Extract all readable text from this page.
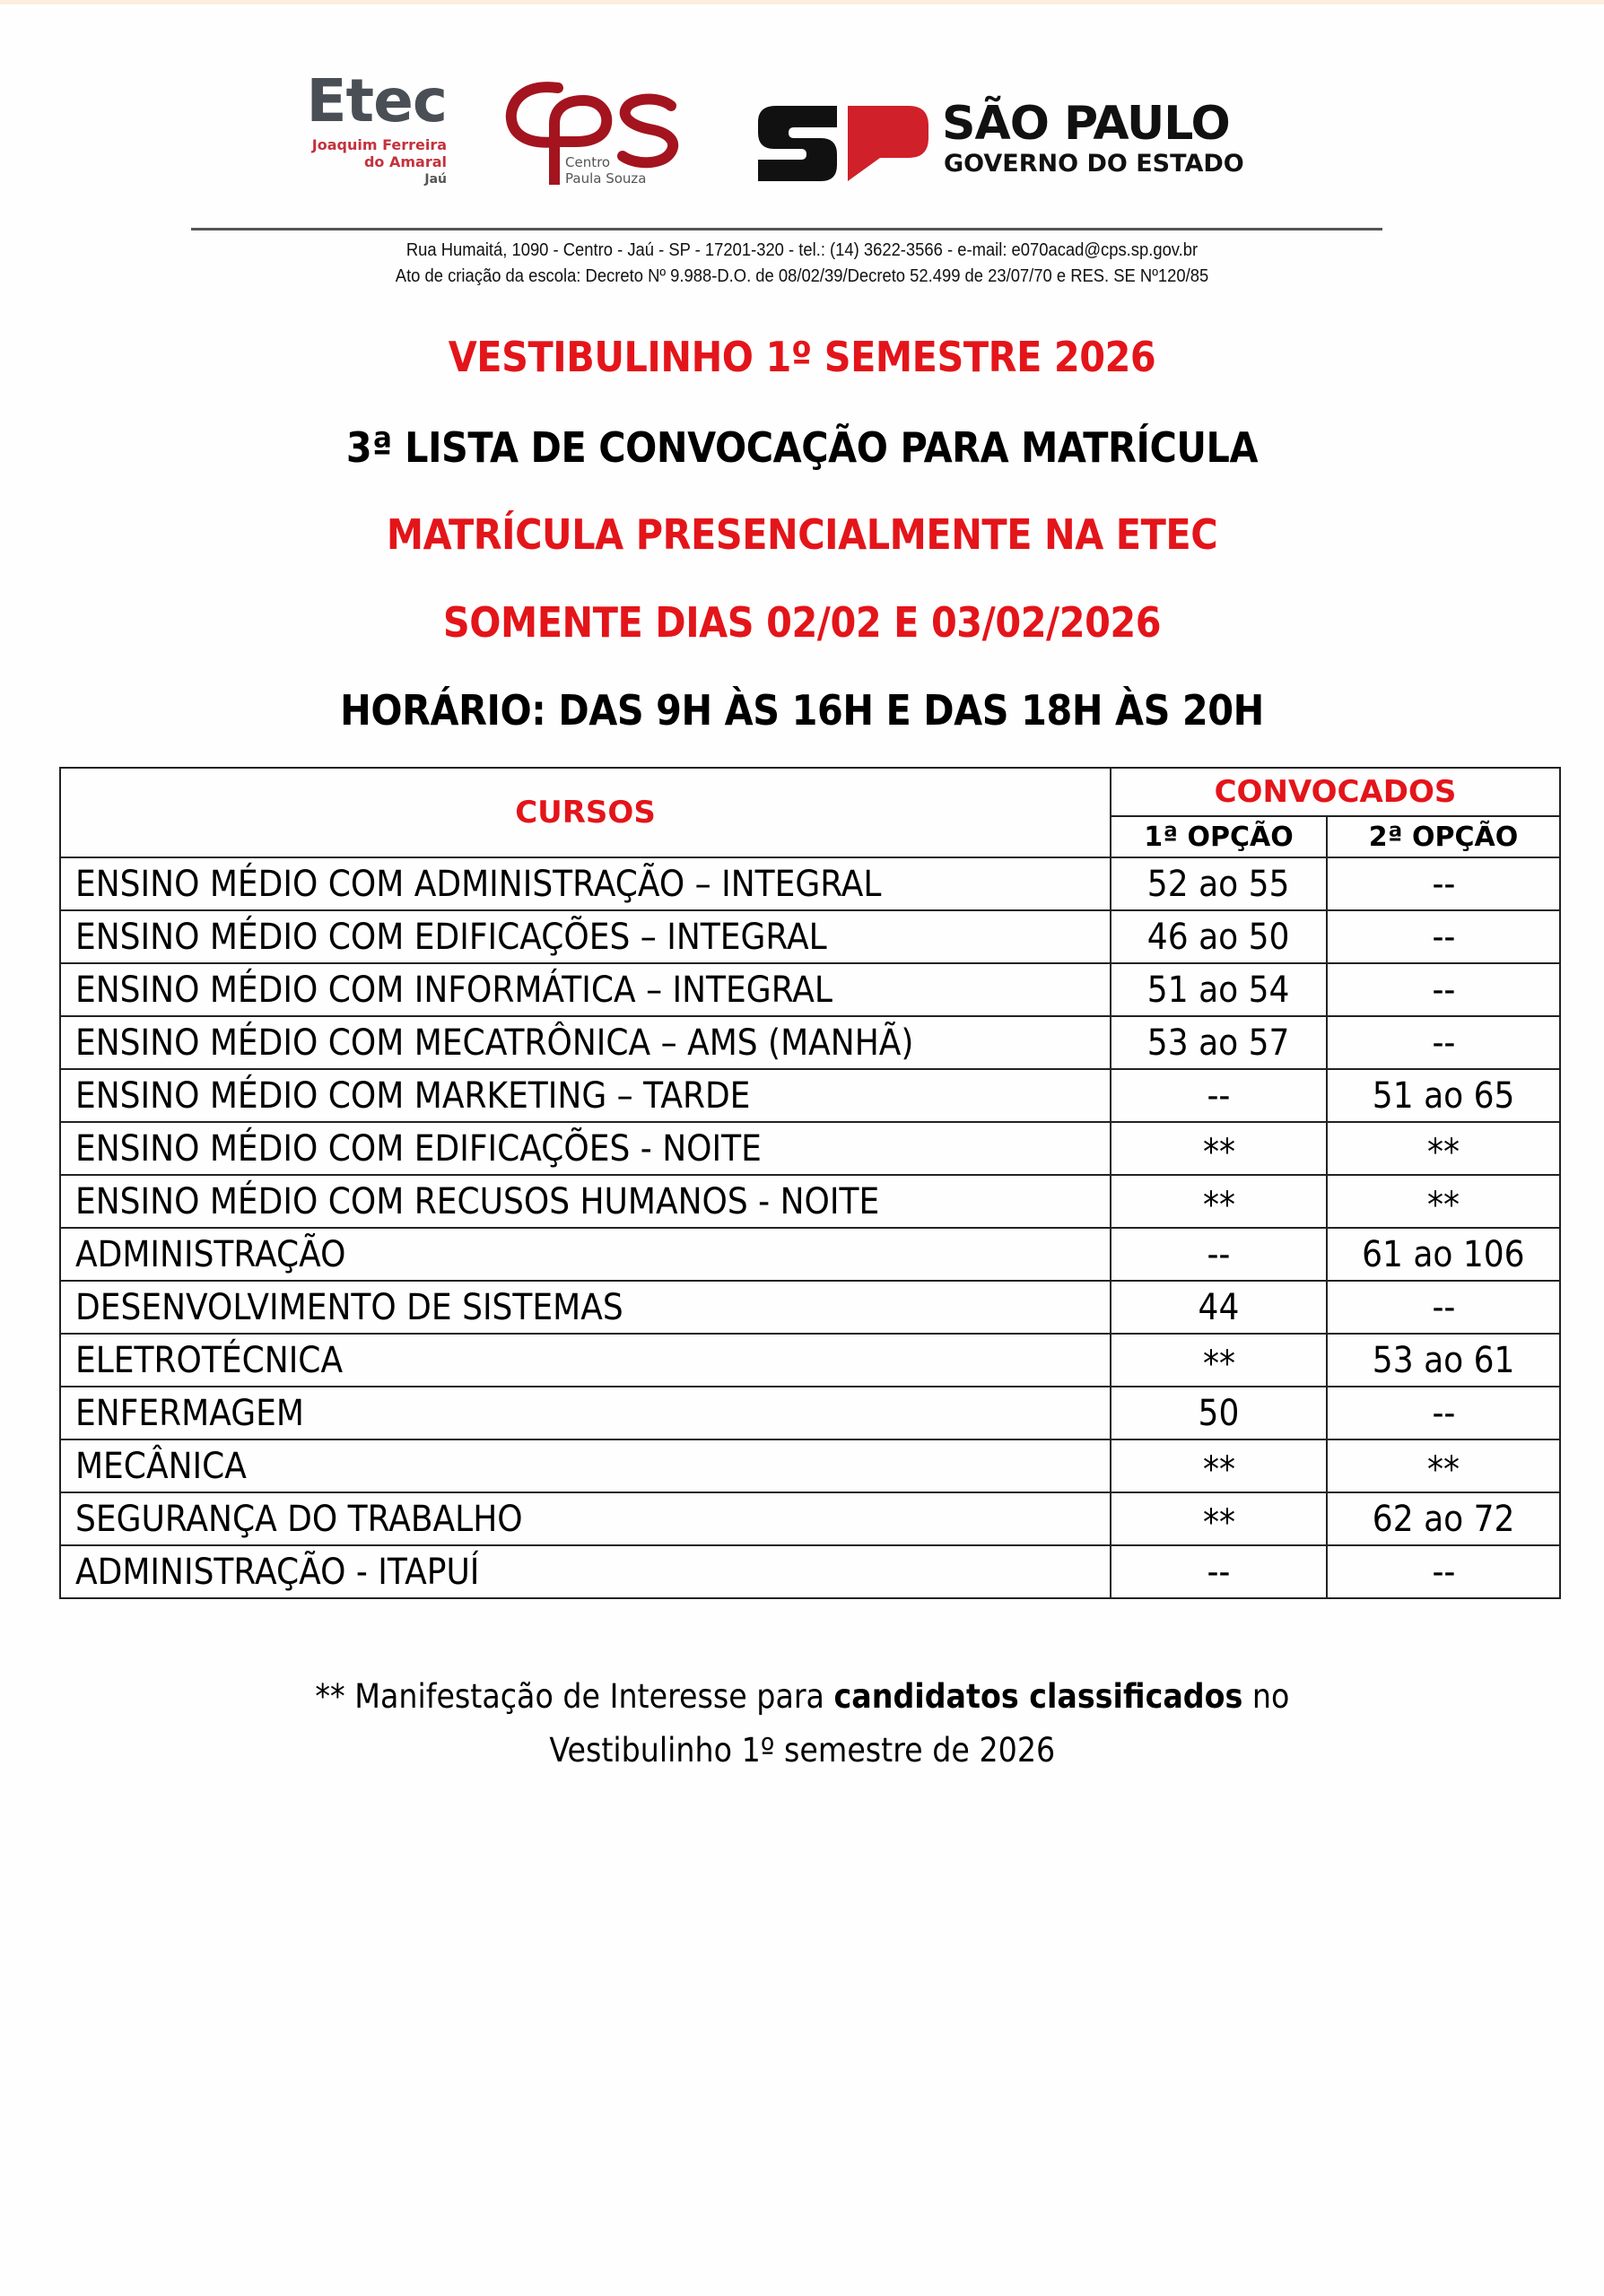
Etec
Joaquim Ferreira
do Amaral
Jaú
Centro
Paula Souza
SÃO PAULO
GOVERNO DO ESTADO
Rua Humaitá, 1090 - Centro - Jaú - SP - 17201-320 - tel.: (14) 3622-3566 - e-mail: e070acad@cps.sp.gov.br
Ato de criação da escola: Decreto Nº 9.988-D.O. de 08/02/39/Decreto 52.499 de 23/07/70 e RES. SE Nº120/85
VESTIBULINHO 1º SEMESTRE 2026
3ª LISTA DE CONVOCAÇÃO PARA MATRÍCULA
MATRÍCULA PRESENCIALMENTE NA ETEC
SOMENTE DIAS 02/02 E 03/02/2026
HORÁRIO: DAS 9H ÀS 16H E DAS 18H ÀS 20H
CURSOS	CONVOCADOS	
	1ª OPÇÃO	2ª OPÇÃO
ENSINO MÉDIO COM ADMINISTRAÇÃO – INTEGRAL	52 ao 55	--
ENSINO MÉDIO COM EDIFICAÇÕES – INTEGRAL	46 ao 50	--
ENSINO MÉDIO COM INFORMÁTICA – INTEGRAL	51 ao 54	--
ENSINO MÉDIO COM MECATRÔNICA – AMS (MANHÃ)	53 ao 57	--
ENSINO MÉDIO COM MARKETING – TARDE	--	51 ao 65
ENSINO MÉDIO COM EDIFICAÇÕES - NOITE	**	**
ENSINO MÉDIO COM RECUSOS HUMANOS - NOITE	**	**
ADMINISTRAÇÃO	--	61 ao 106
DESENVOLVIMENTO DE SISTEMAS	44	--
ELETROTÉCNICA	**	53 ao 61
ENFERMAGEM	50	--
MECÂNICA	**	**
SEGURANÇA DO TRABALHO	**	62 ao 72
ADMINISTRAÇÃO - ITAPUÍ	--	--
** Manifestação de Interesse para candidatos classificados no
Vestibulinho 1º semestre de 2026
